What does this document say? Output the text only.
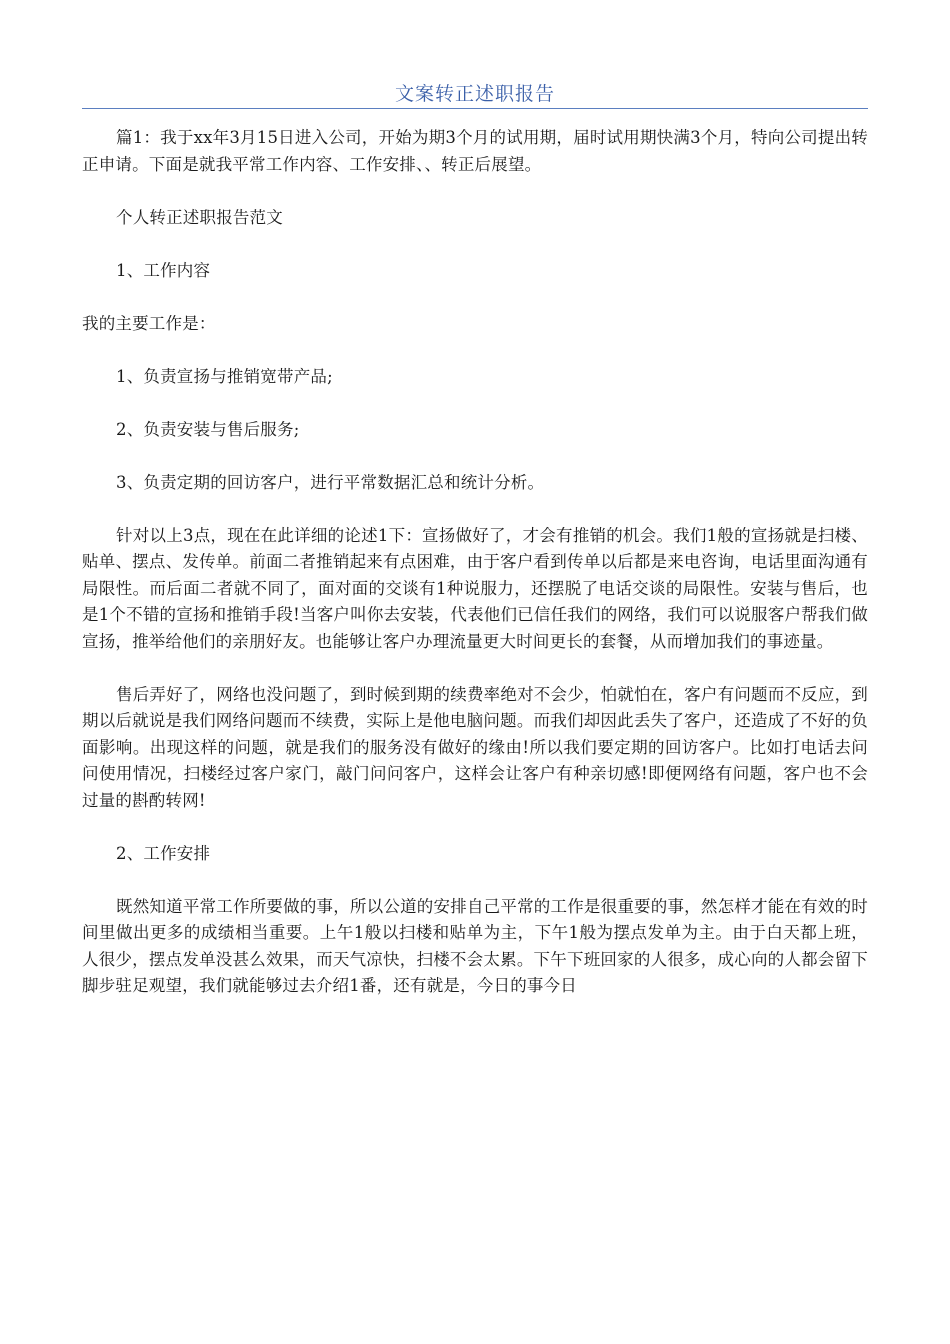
文案转正述职报告

篇1：我于xx年3月15日进入公司，开始为期3个月的试用期，届时试用期快满3个月，特向公司提出转正申请。下面是就我平常工作内容、工作安排、、转正后展望。

个人转正述职报告范文

1、工作内容

我的主要工作是：

1、负责宣扬与推销宽带产品;

2、负责安装与售后服务;

3、负责定期的回访客户，进行平常数据汇总和统计分析。

针对以上3点，现在在此详细的论述1下：宣扬做好了，才会有推销的机会。我们1般的宣扬就是扫楼、贴单、摆点、发传单。前面二者推销起来有点困难，由于客户看到传单以后都是来电咨询，电话里面沟通有局限性。而后面二者就不同了，面对面的交谈有1种说服力，还摆脱了电话交谈的局限性。安装与售后，也是1个不错的宣扬和推销手段!当客户叫你去安装，代表他们已信任我们的网络，我们可以说服客户帮我们做宣扬，推举给他们的亲朋好友。也能够让客户办理流量更大时间更长的套餐，从而增加我们的事迹量。

售后弄好了，网络也没问题了，到时候到期的续费率绝对不会少，怕就怕在，客户有问题而不反应，到期以后就说是我们网络问题而不续费，实际上是他电脑问题。而我们却因此丢失了客户，还造成了不好的负面影响。出现这样的问题，就是我们的服务没有做好的缘由!所以我们要定期的回访客户。比如打电话去问问使用情况，扫楼经过客户家门，敲门问问客户，这样会让客户有种亲切感!即便网络有问题，客户也不会过量的斟酌转网!

2、工作安排

既然知道平常工作所要做的事，所以公道的安排自己平常的工作是很重要的事，然怎样才能在有效的时间里做出更多的成绩相当重要。上午1般以扫楼和贴单为主，下午1般为摆点发单为主。由于白天都上班，人很少，摆点发单没甚么效果，而天气凉快，扫楼不会太累。下午下班回家的人很多，成心向的人都会留下脚步驻足观望，我们就能够过去介绍1番，还有就是，今日的事今日
